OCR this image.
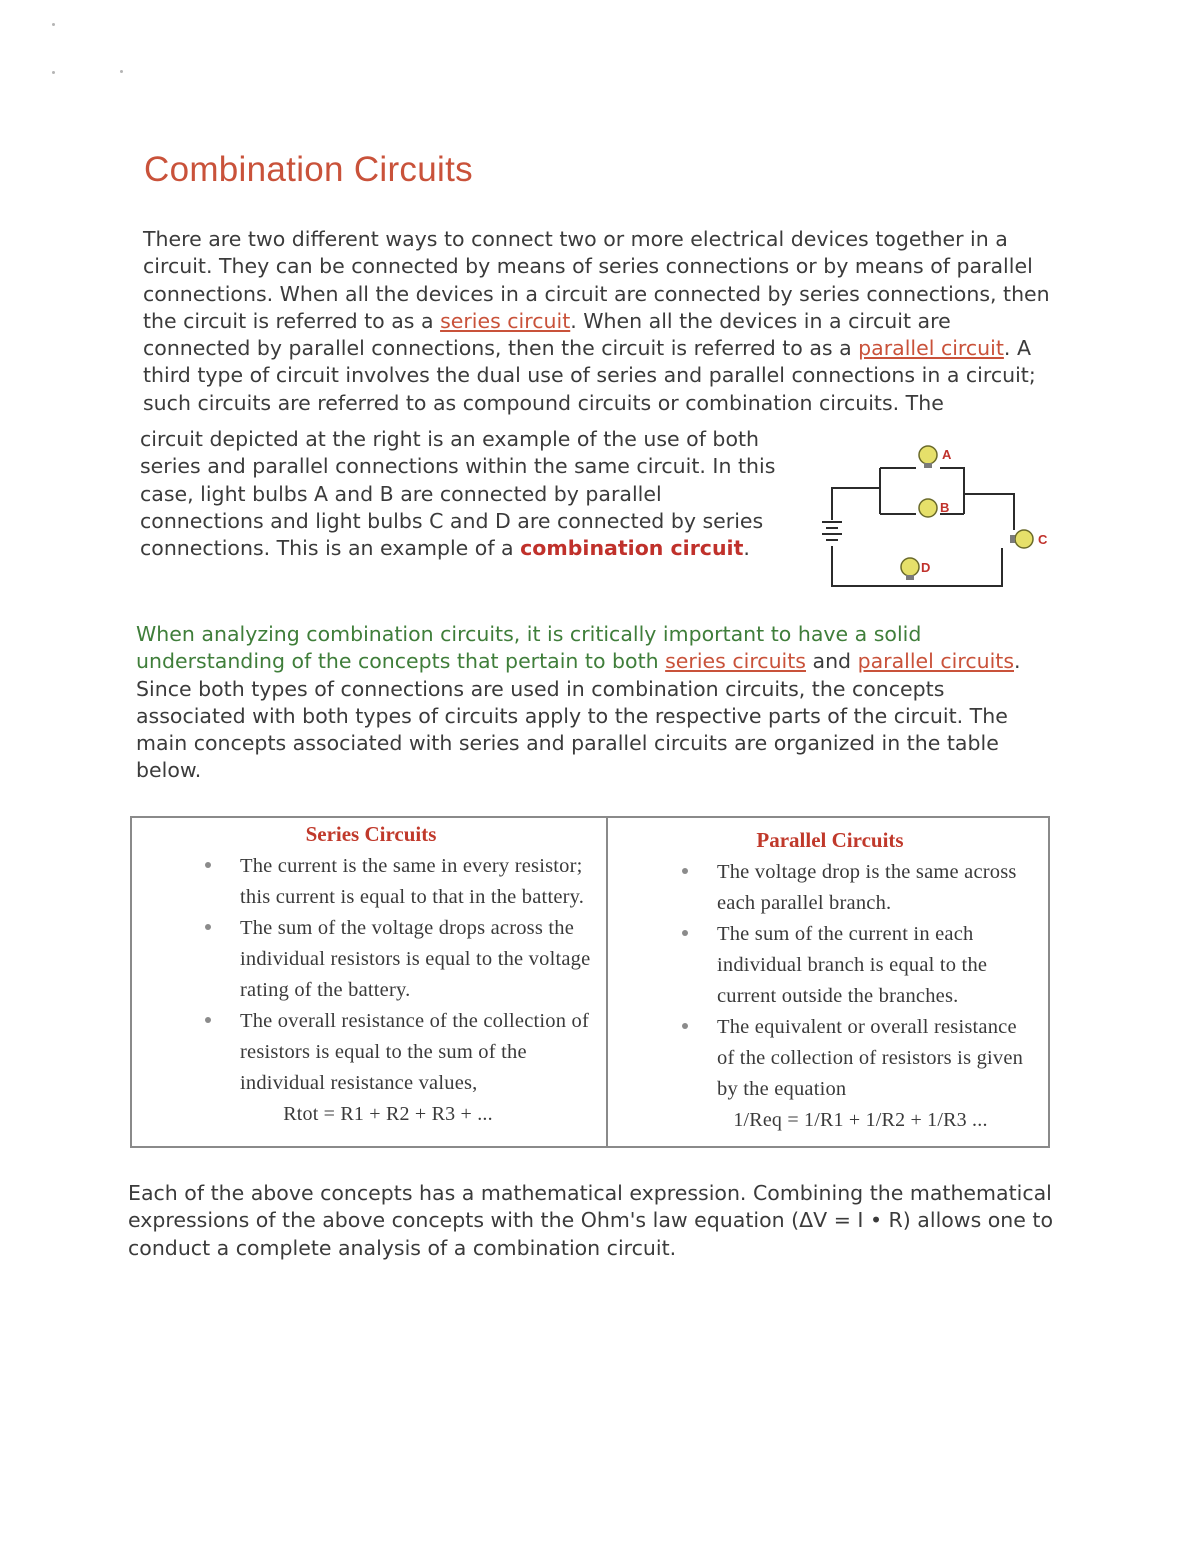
Combination Circuits

There are two different ways to connect two or more electrical devices together in a circuit. They can be connected by means of series connections or by means of parallel connections. When all the devices in a circuit are connected by series connections, then the circuit is referred to as a series circuit. When all the devices in a circuit are connected by parallel connections, then the circuit is referred to as a parallel circuit. A third type of circuit involves the dual use of series and parallel connections in a circuit; such circuits are referred to as compound circuits or combination circuits. The

circuit depicted at the right is an example of the use of both series and parallel connections within the same circuit. In this case, light bulbs A and B are connected by parallel connections and light bulbs C and D are connected by series connections. This is an example of a combination circuit.

A
B
C
D

When analyzing combination circuits, it is critically important to have a solid understanding of the concepts that pertain to both series circuits and parallel circuits. Since both types of connections are used in combination circuits, the concepts associated with both types of circuits apply to the respective parts of the circuit. The main concepts associated with series and parallel circuits are organized in the table below.

Series Circuits
The current is the same in every resistor; this current is equal to that in the battery.
The sum of the voltage drops across the individual resistors is equal to the voltage rating of the battery.
The overall resistance of the collection of resistors is equal to the sum of the individual resistance values,
Rtot = R1 + R2 + R3 + ...
Parallel Circuits
The voltage drop is the same across each parallel branch.
The sum of the current in each individual branch is equal to the current outside the branches.
The equivalent or overall resistance of the collection of resistors is given by the equation
1/Req = 1/R1 + 1/R2 + 1/R3 ...

Each of the above concepts has a mathematical expression. Combining the mathematical expressions of the above concepts with the Ohm's law equation (ΔV = I • R) allows one to conduct a complete analysis of a combination circuit.
